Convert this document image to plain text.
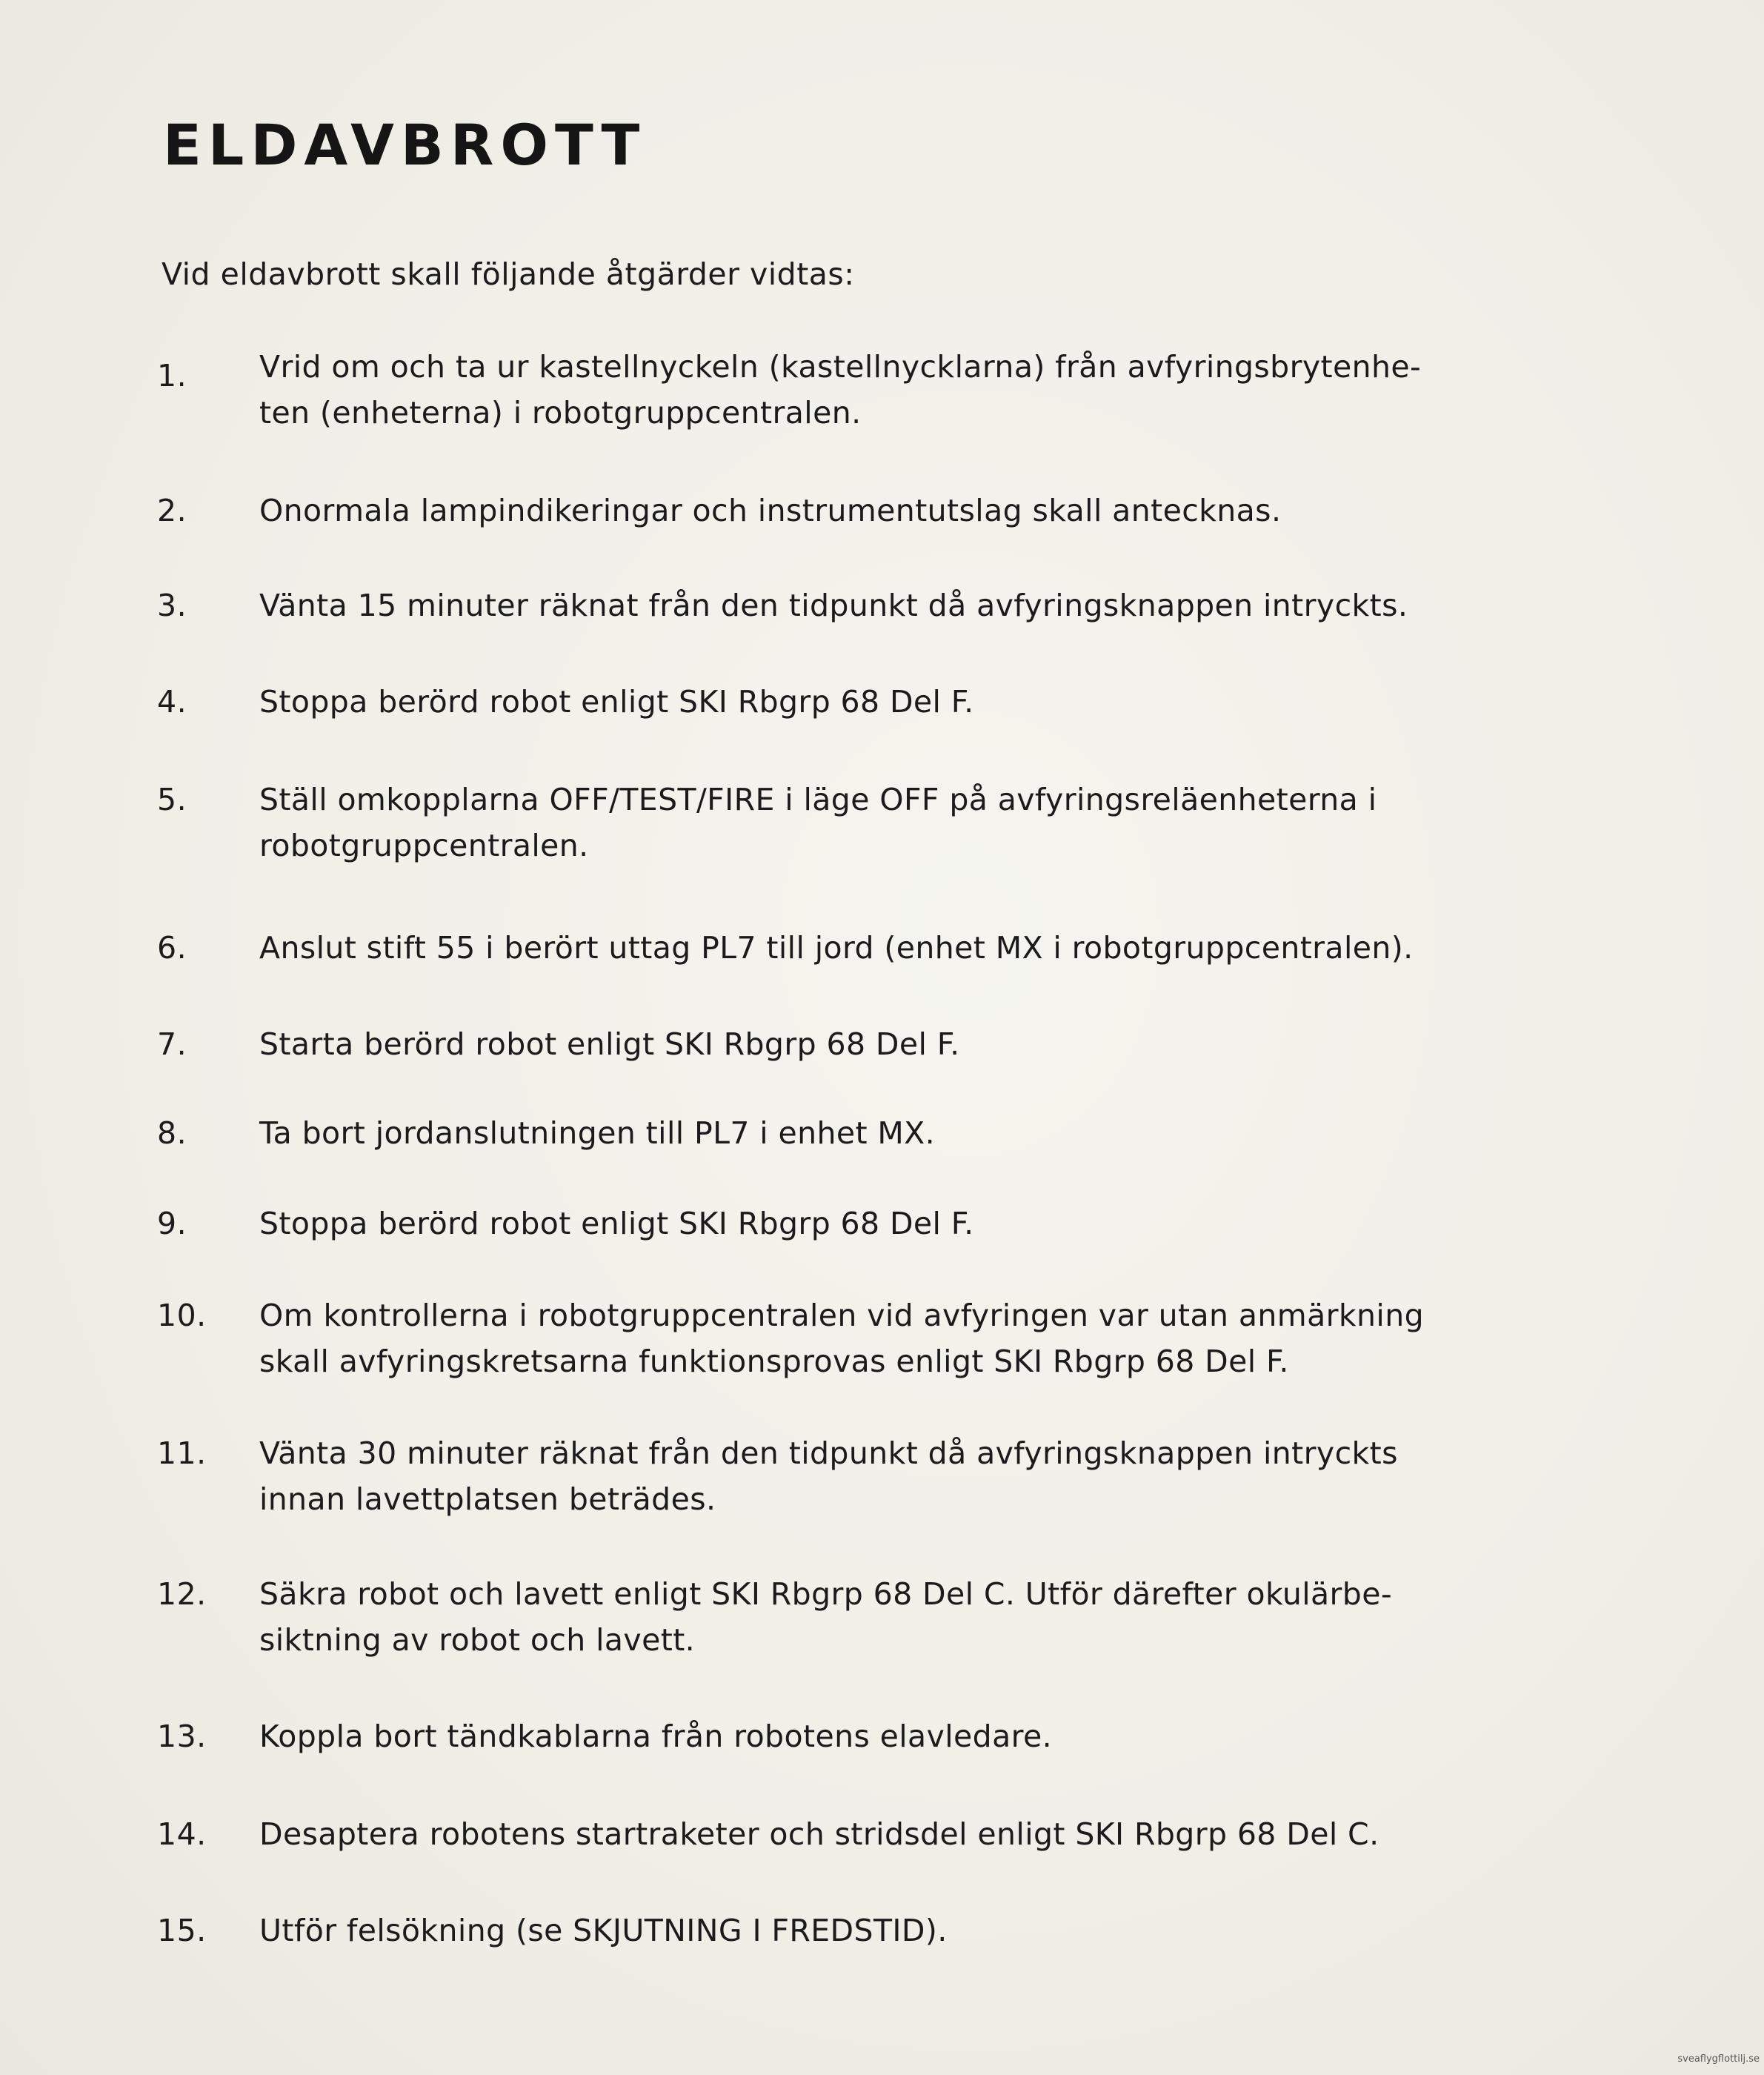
ELDAVBROTT
Vid eldavbrott skall följande åtgärder vidtas:
1. Vrid om och ta ur kastellnyckeln (kastellnycklarna) från avfyringsbrytenhe-
ten (enheterna) i robotgruppcentralen.
2. Onormala lampindikeringar och instrumentutslag skall antecknas.
3. Vänta 15 minuter räknat från den tidpunkt då avfyringsknappen intryckts.
4. Stoppa berörd robot enligt SKI Rbgrp 68 Del F.
5. Ställ omkopplarna OFF/TEST/FIRE i läge OFF på avfyringsreläenheterna i
robotgruppcentralen.
6. Anslut stift 55 i berört uttag PL7 till jord (enhet MX i robotgruppcentralen).
7. Starta berörd robot enligt SKI Rbgrp 68 Del F.
8. Ta bort jordanslutningen till PL7 i enhet MX.
9. Stoppa berörd robot enligt SKI Rbgrp 68 Del F.
10. Om kontrollerna i robotgruppcentralen vid avfyringen var utan anmärkning
skall avfyringskretsarna funktionsprovas enligt SKI Rbgrp 68 Del F.
11. Vänta 30 minuter räknat från den tidpunkt då avfyringsknappen intryckts
innan lavettplatsen beträdes.
12. Säkra robot och lavett enligt SKI Rbgrp 68 Del C. Utför därefter okulärbe-
siktning av robot och lavett.
13. Koppla bort tändkablarna från robotens elavledare.
14. Desaptera robotens startraketer och stridsdel enligt SKI Rbgrp 68 Del C.
15. Utför felsökning (se SKJUTNING I FREDSTID).
sveaflygflottilj.se
